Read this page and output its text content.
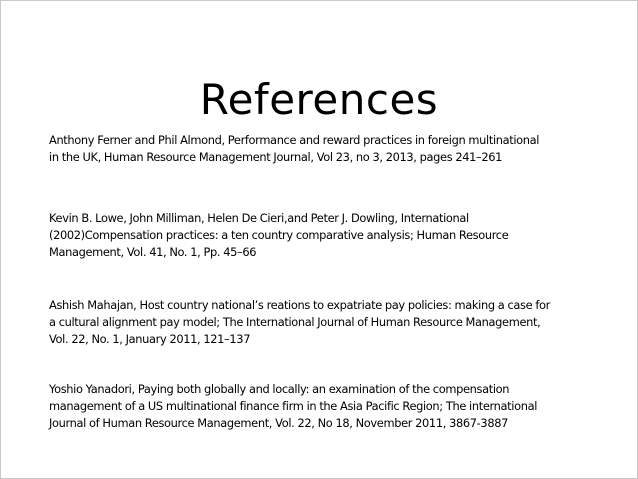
References

Anthony Ferner and Phil Almond, Performance and reward practices in foreign multinational
in the UK, Human Resource Management Journal, Vol 23, no 3, 2013, pages 241–261

Kevin B. Lowe, John Milliman, Helen De Cieri,and Peter J. Dowling, International
(2002)Compensation practices: a ten country comparative analysis; Human Resource
Management, Vol. 41, No. 1, Pp. 45–66

Ashish Mahajan, Host country national’s reations to expatriate pay policies: making a case for
a cultural alignment pay model; The International Journal of Human Resource Management,
Vol. 22, No. 1, January 2011, 121–137

Yoshio Yanadori, Paying both globally and locally: an examination of the compensation
management of a US multinational finance firm in the Asia Pacific Region; The international
Journal of Human Resource Management, Vol. 22, No 18, November 2011, 3867-3887
